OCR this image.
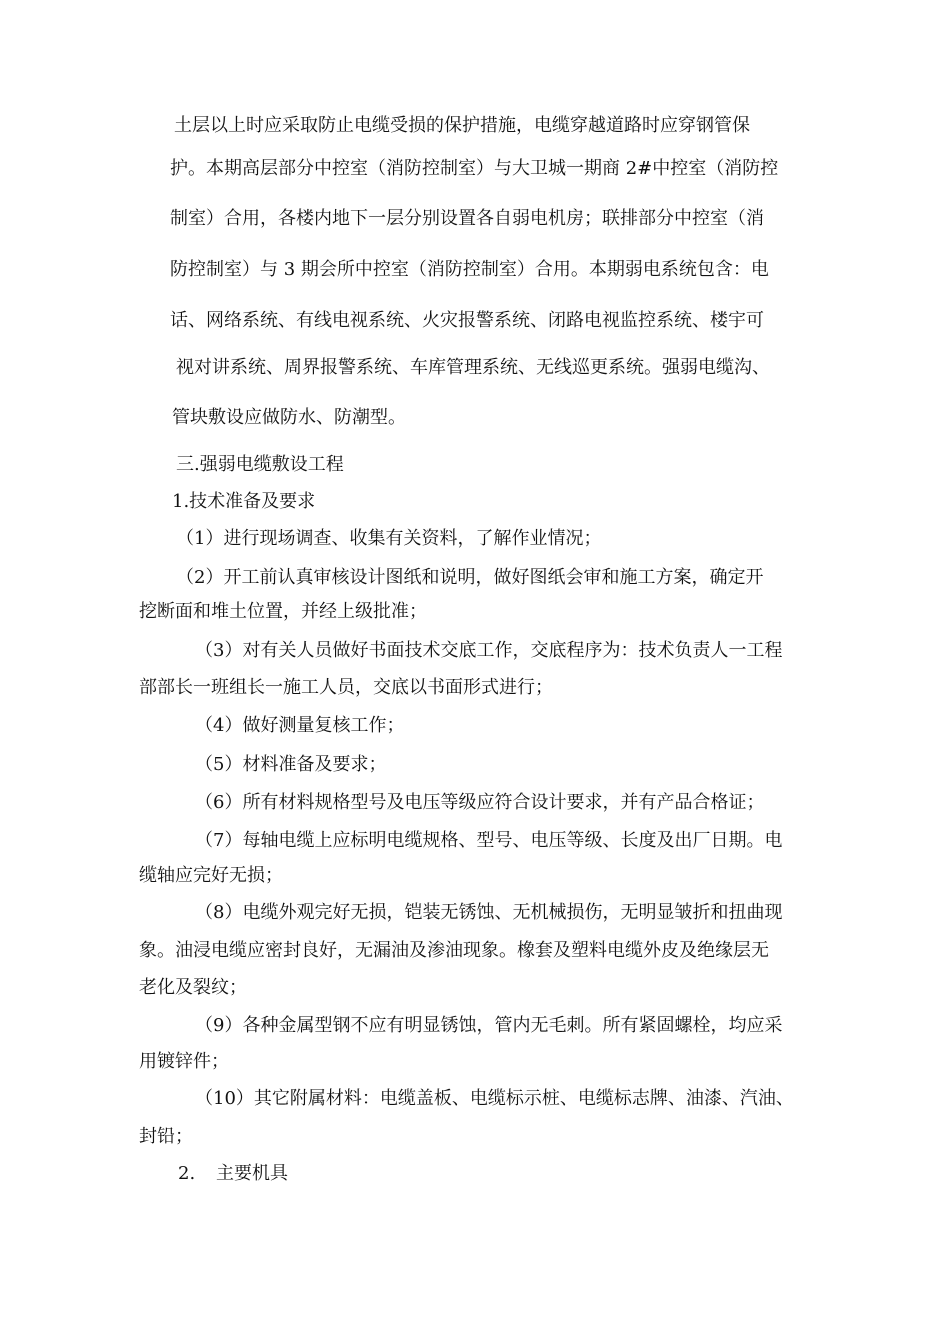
土层以上时应采取防止电缆受损的保护措施，电缆穿越道路时应穿钢管保

护。本期高层部分中控室（消防控制室）与大卫城一期商 2#中控室（消防控

制室）合用，各楼内地下一层分别设置各自弱电机房；联排部分中控室（消

防控制室）与 3 期会所中控室（消防控制室）合用。本期弱电系统包含：电

话、网络系统、有线电视系统、火灾报警系统、闭路电视监控系统、楼宇可

视对讲系统、周界报警系统、车库管理系统、无线巡更系统。强弱电缆沟、

管块敷设应做防水、防潮型。

三.强弱电缆敷设工程

1.技术准备及要求

（1）进行现场调查、收集有关资料，了解作业情况；

（2）开工前认真审核设计图纸和说明，做好图纸会审和施工方案，确定开

挖断面和堆土位置，并经上级批准；

（3）对有关人员做好书面技术交底工作，交底程序为：技术负责人一工程

部部长一班组长一施工人员，交底以书面形式进行；

（4）做好测量复核工作；

（5）材料准备及要求；

（6）所有材料规格型号及电压等级应符合设计要求，并有产品合格证；

（7）每轴电缆上应标明电缆规格、型号、电压等级、长度及出厂日期。电

缆轴应完好无损；

（8）电缆外观完好无损，铠装无锈蚀、无机械损伤，无明显皱折和扭曲现

象。油浸电缆应密封良好，无漏油及渗油现象。橡套及塑料电缆外皮及绝缘层无

老化及裂纹；

（9）各种金属型钢不应有明显锈蚀，管内无毛刺。所有紧固螺栓，均应采

用镀锌件；

（10）其它附属材料：电缆盖板、电缆标示桩、电缆标志牌、油漆、汽油、

封铅；

2. 主要机具
